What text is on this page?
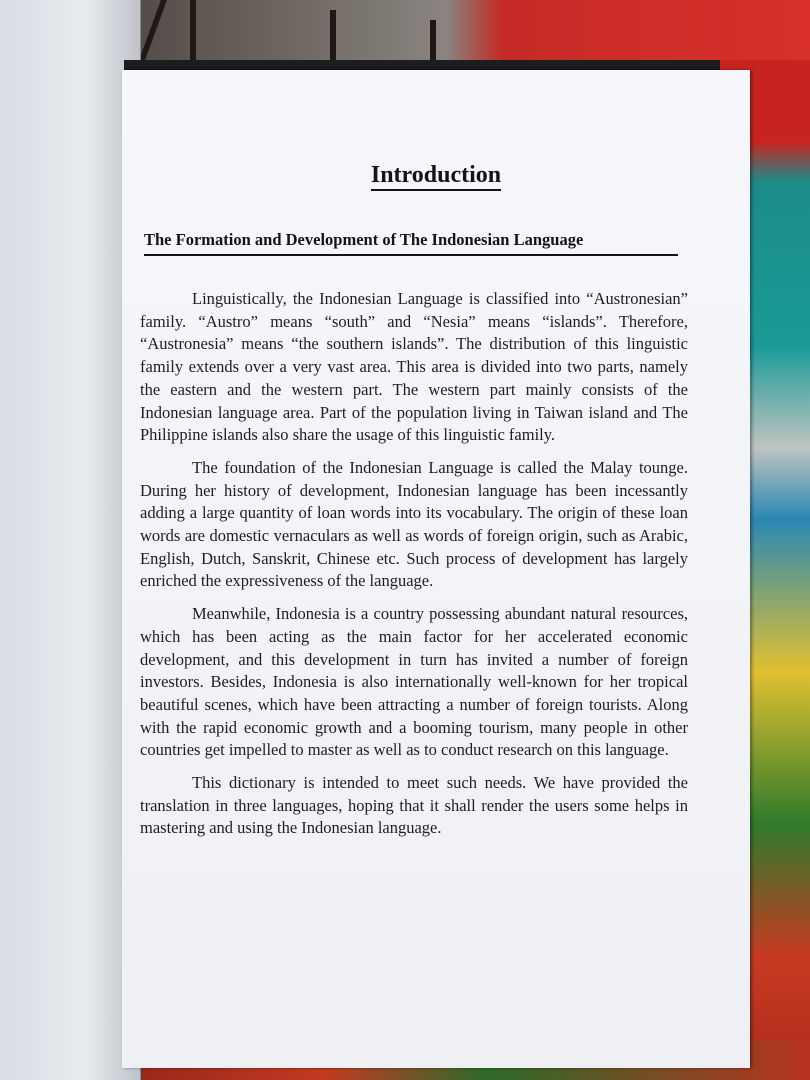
Introduction
The Formation and Development of The Indonesian Language

Linguistically, the Indonesian Language is classified into “Austronesian” family. “Austro” means “south” and “Nesia” means “islands”. Therefore, “Austronesia” means “the southern islands”. The distribution of this linguistic family extends over a very vast area. This area is divided into two parts, namely the eastern and the western part. The western part mainly consists of the Indonesian language area. Part of the population living in Taiwan island and The Philippine islands also share the usage of this linguistic family.

The foundation of the Indonesian Language is called the Malay tounge. During her history of development, Indonesian language has been incessantly adding a large quantity of loan words into its vocabulary. The origin of these loan words are domestic vernaculars as well as words of foreign origin, such as Arabic, English, Dutch, Sanskrit, Chinese etc. Such process of development has largely enriched the expressiveness of the language.

Meanwhile, Indonesia is a country possessing abundant natural resources, which has been acting as the main factor for her accelerated economic development, and this development in turn has invited a number of foreign investors. Besides, Indonesia is also internationally well-known for her tropical beautiful scenes, which have been attracting a number of foreign tourists. Along with the rapid economic growth and a booming tourism, many people in other countries get impelled to master as well as to conduct research on this language.

This dictionary is intended to meet such needs. We have provided the translation in three languages, hoping that it shall render the users some helps in mastering and using the Indonesian language.
